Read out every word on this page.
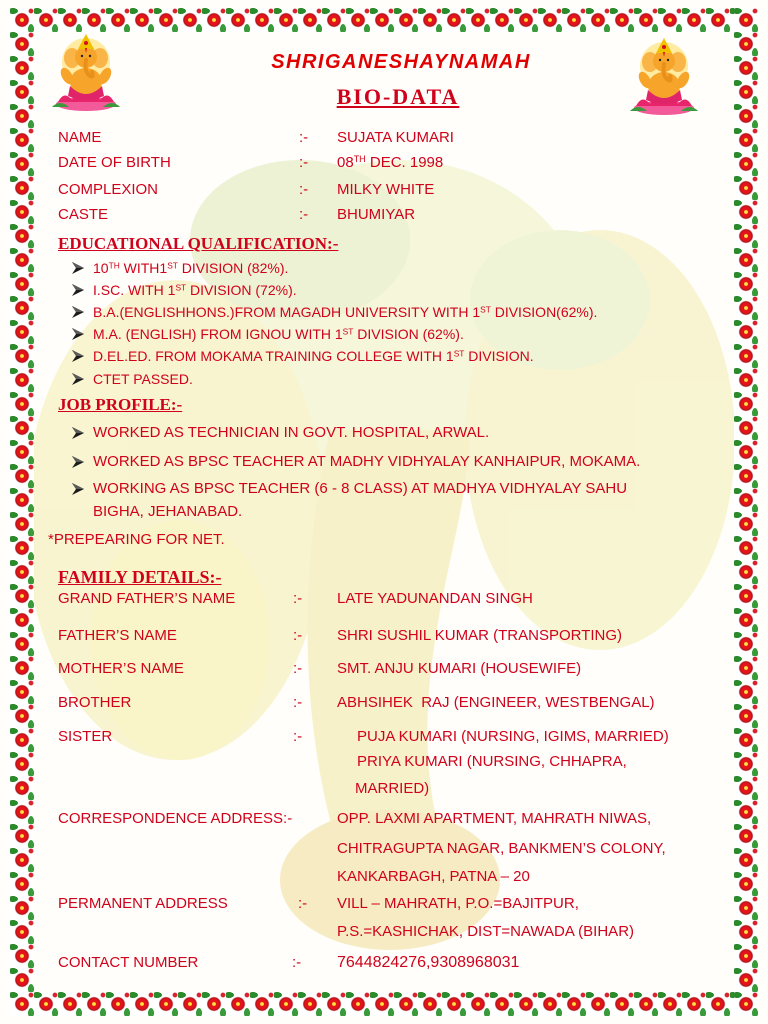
SHRIGANESHAYNAMAH
BIO-DATA
NAME	:- SUJATA KUMARI
DATE OF BIRTH	:- 08TH DEC. 1998
COMPLEXION	:- MILKY WHITE
CASTE	:- BHUMIYAR
EDUCATIONAL QUALIFICATION:-
10TH WITH1ST DIVISION (82%).
I.SC. WITH 1ST DIVISION (72%).
B.A.(ENGLISHHONS.)FROM MAGADH UNIVERSITY WITH 1ST DIVISION(62%).
M.A. (ENGLISH) FROM IGNOU WITH 1ST DIVISION (62%).
D.EL.ED. FROM MOKAMA TRAINING COLLEGE WITH 1ST DIVISION.
CTET PASSED.
JOB PROFILE:-
WORKED AS TECHNICIAN IN GOVT. HOSPITAL, ARWAL.
WORKED AS BPSC TEACHER AT MADHY VIDHYALAY KANHAIPUR, MOKAMA.
WORKING AS BPSC TEACHER (6 - 8 CLASS) AT MADHYA VIDHYALAY SAHU
BIGHA, JEHANABAD.
*PREPEARING FOR NET.
FAMILY DETAILS:-
GRAND FATHER’S NAME	:- LATE YADUNANDAN SINGH
FATHER’S NAME	:- SHRI SUSHIL KUMAR (TRANSPORTING)
MOTHER’S NAME	:- SMT. ANJU KUMARI (HOUSEWIFE)
BROTHER	:- ABHSIHEK  RAJ (ENGINEER, WESTBENGAL)
SISTER	:-	PUJA KUMARI (NURSING, IGIMS, MARRIED)
PRIYA KUMARI (NURSING, CHHAPRA,
MARRIED)
CORRESPONDENCE ADDRESS:-	OPP. LAXMI APARTMENT, MAHRATH NIWAS,
CHITRAGUPTA NAGAR, BANKMEN’S COLONY,
KANKARBAGH, PATNA – 20
PERMANENT ADDRESS	:- VILL – MAHRATH, P.O.=BAJITPUR,
P.S.=KASHICHAK, DIST=NAWADA (BIHAR)
CONTACT NUMBER	:- 7644824276,9308968031
